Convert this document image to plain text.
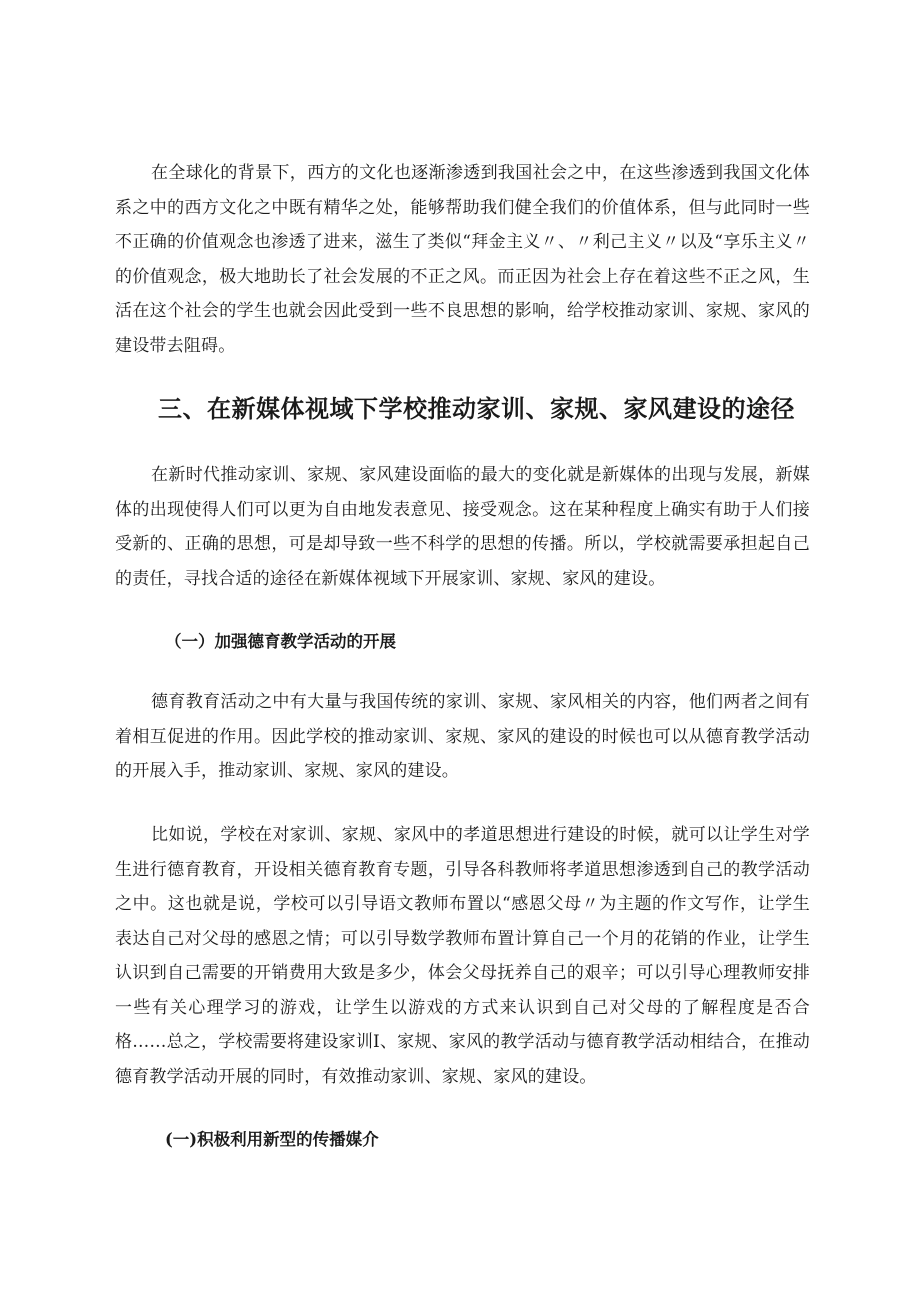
在全球化的背景下，西方的文化也逐渐渗透到我国社会之中，在这些渗透到我国文化体系之中的西方文化之中既有精华之处，能够帮助我们健全我们的价值体系，但与此同时一些不正确的价值观念也渗透了进来，滋生了类似“拜金主义〃、〃利己主义〃以及“享乐主义〃的价值观念，极大地助长了社会发展的不正之风。而正因为社会上存在着这些不正之风，生活在这个社会的学生也就会因此受到一些不良思想的影响，给学校推动家训、家规、家风的建设带去阻碍。

三、在新媒体视域下学校推动家训、家规、家风建设的途径

在新时代推动家训、家规、家风建设面临的最大的变化就是新媒体的出现与发展，新媒体的出现使得人们可以更为自由地发表意见、接受观念。这在某种程度上确实有助于人们接受新的、正确的思想，可是却导致一些不科学的思想的传播。所以，学校就需要承担起自己的责任，寻找合适的途径在新媒体视域下开展家训、家规、家风的建设。

（一）加强德育教学活动的开展

德育教育活动之中有大量与我国传统的家训、家规、家风相关的内容，他们两者之间有着相互促进的作用。因此学校的推动家训、家规、家风的建设的时候也可以从德育教学活动的开展入手，推动家训、家规、家风的建设。

比如说，学校在对家训、家规、家风中的孝道思想进行建设的时候，就可以让学生对学生进行德育教育，开设相关德育教育专题，引导各科教师将孝道思想渗透到自己的教学活动之中。这也就是说，学校可以引导语文教师布置以“感恩父母〃为主题的作文写作，让学生表达自己对父母的感恩之情；可以引导数学教师布置计算自己一个月的花销的作业，让学生认识到自己需要的开销费用大致是多少，体会父母抚养自己的艰辛；可以引导心理教师安排一些有关心理学习的游戏，让学生以游戏的方式来认识到自己对父母的了解程度是否合格……总之，学校需要将建设家训I、家规、家风的教学活动与德育教学活动相结合，在推动德育教学活动开展的同时，有效推动家训、家规、家风的建设。

(一)积极利用新型的传播媒介
